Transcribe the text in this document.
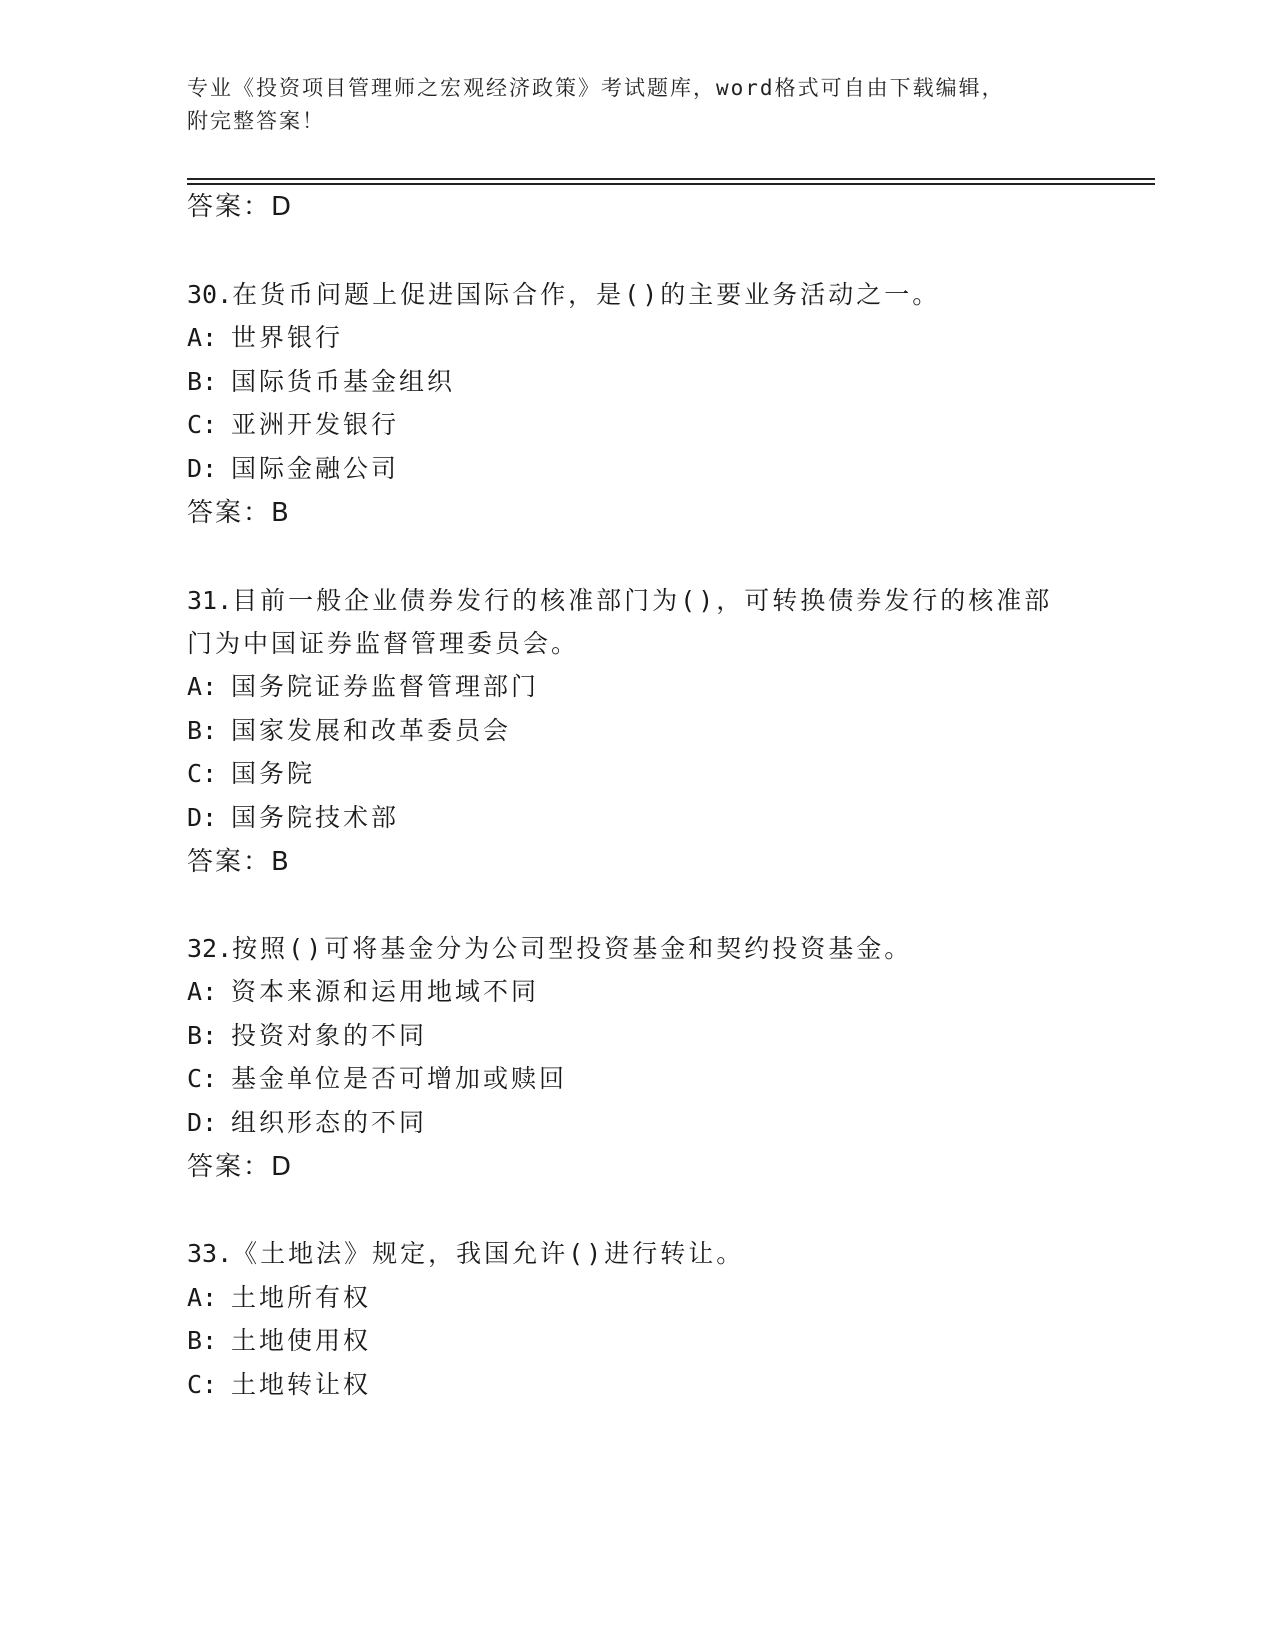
专业《投资项目管理师之宏观经济政策》考试题库，word格式可自由下载编辑，
附完整答案！
答案：D
30.在货币问题上促进国际合作，是()的主要业务活动之一。
A: 世界银行
B: 国际货币基金组织
C: 亚洲开发银行
D: 国际金融公司
答案：B
31.目前一般企业债券发行的核准部门为()，可转换债券发行的核准部
门为中国证券监督管理委员会。
A: 国务院证券监督管理部门
B: 国家发展和改革委员会
C: 国务院
D: 国务院技术部
答案：B
32.按照()可将基金分为公司型投资基金和契约投资基金。
A: 资本来源和运用地域不同
B: 投资对象的不同
C: 基金单位是否可增加或赎回
D: 组织形态的不同
答案：D
33.《土地法》规定，我国允许()进行转让。
A: 土地所有权
B: 土地使用权
C: 土地转让权
